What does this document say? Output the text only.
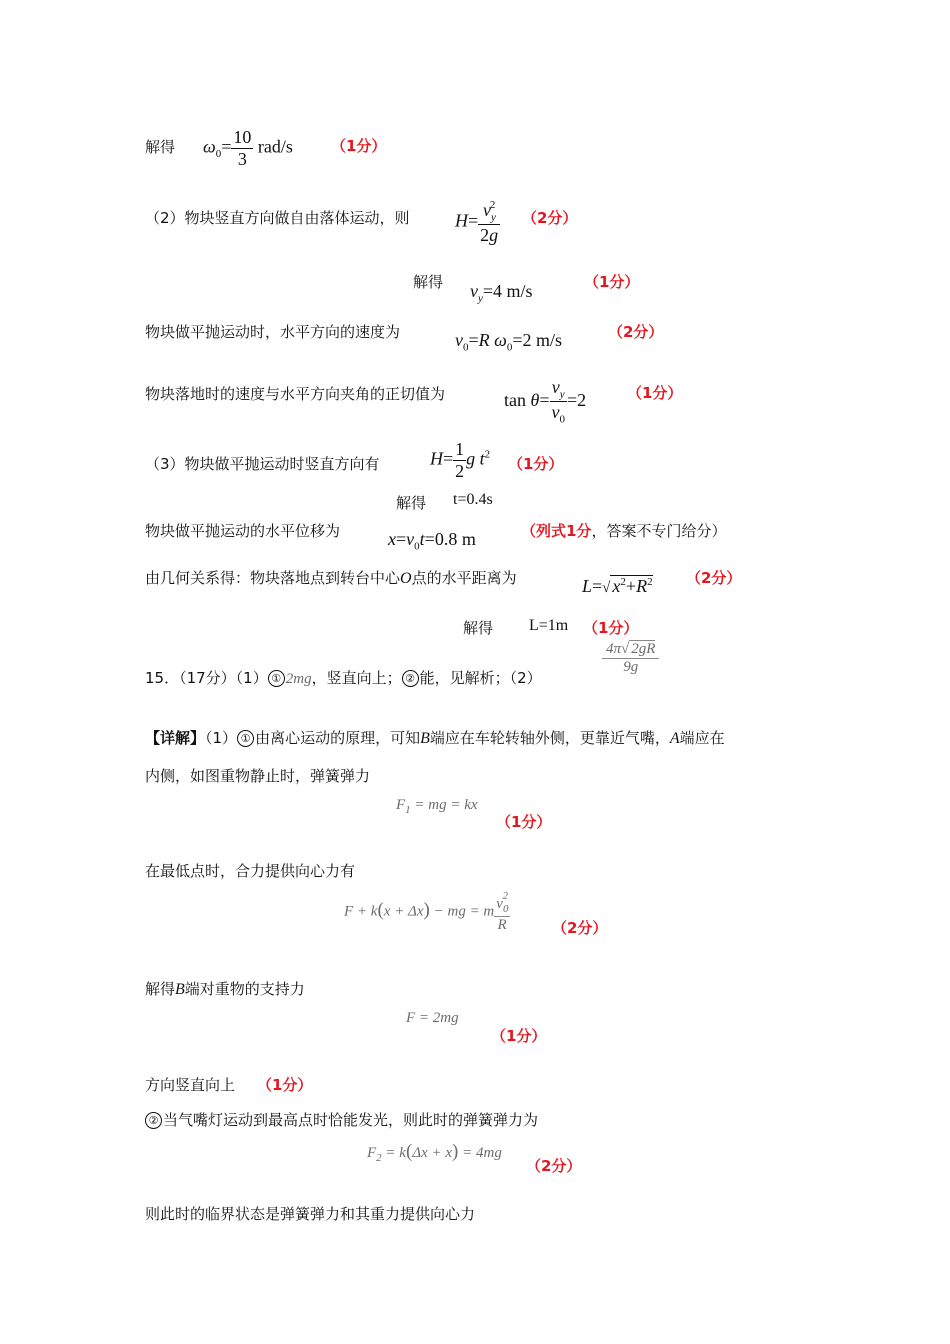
解得 $\omega_0= \frac{10}{3} rad/s$	（1分）
（2）物块竖直方向做自由落体运动，则	$H= \frac{v_y^2}{2g} (2$分）
解得 $v_y=4$ m/s	（1分）
物块做平抛运动时，水平方向的速度为	$v_0=R$ $\omega_0=2$ m/s	（2分）
物块落地时的速度与水平方向夹角的正切值为	$\tan \theta= \frac{v_y}{v_0} =2$	（1分）
（3）物块做平抛运动时竖直方向有	$H= \frac{1}{2}$ g $t^2$
（1分）
解得 t=0.4s
物块做平抛运动的水平位移为	$x=v_0t=0.8$ m	（列式1分，答案不专门给分）
由几何关系得：物块落地点到转台中心O点的水平距离为	L=√ $x^2+R^2$ （2分）
解得 L=1m （1分）
15．（17分）（1） ① 2mg，竖直向上； ② 能，见解析；（2）
$\frac{4\pi√ 2gR}{9g}$
【详解】（1） ① 由离心运动的原理，可知B端应在车轮转轴外侧，更靠近气嘴，A端应在
内侧，如图重物静止时，弹簧弹力
$F_1$ = mg = kx
（1分）
在最低点时，合力提供向心力有
F + k(x + Δx) − mg = m $\frac{v_0^2}{R}$	（2分）
解得B端对重物的支持力
F = 2mg
（1分）
方向竖直向上 （1分）
② 当气嘴灯运动到最高点时恰能发光，则此时的弹簧弹力为
$F_2 = k(\Delta x + x) = 4mg$
（2分）
则此时的临界状态是弹簧弹力和其重力提供向心力
